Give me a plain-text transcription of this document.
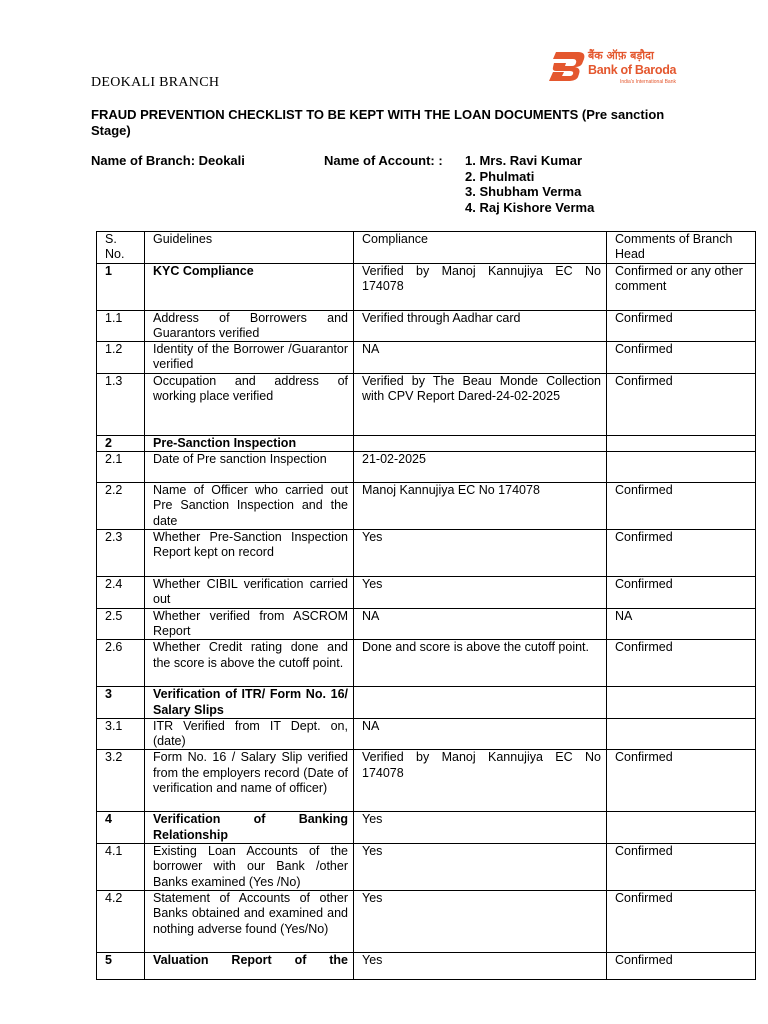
DEOKALI BRANCH
बैंक ऑफ़ बड़ौदा
Bank of Baroda
India's International Bank
FRAUD PREVENTION CHECKLIST TO BE KEPT WITH THE LOAN DOCUMENTS (Pre sanction Stage)
Name of Branch: Deokali	Name of Account: : 1. Mrs. Ravi Kumar
2. Phulmati
3. Shubham Verma
4. Raj Kishore Verma
S. No.	Guidelines	Compliance	Comments of Branch Head
1	KYC Compliance	Verified by Manoj Kannujiya EC No 174078	Confirmed or any other comment
1.1	Address of Borrowers and Guarantors verified	Verified through Aadhar card	Confirmed
1.2	Identity of the Borrower /Guarantor verified	NA	Confirmed
1.3	Occupation and address of working place verified	Verified by The Beau Monde Collection with CPV Report Dared-24-02-2025	Confirmed
2	Pre-Sanction Inspection		
2.1	Date of Pre sanction Inspection	21-02-2025	
2.2	Name of Officer who carried out Pre Sanction Inspection and the date	Manoj Kannujiya EC No 174078	Confirmed
2.3	Whether Pre-Sanction Inspection Report kept on record	Yes	Confirmed
2.4	Whether CIBIL verification carried out	Yes	Confirmed
2.5	Whether verified from ASCROM Report	NA	NA
2.6	Whether Credit rating done and the score is above the cutoff point.	Done and score is above the cutoff point.	Confirmed
3	Verification of ITR/ Form No. 16/ Salary Slips		
3.1	ITR Verified from IT Dept. on, (date)	NA	
3.2	Form No. 16 / Salary Slip verified from the employers record (Date of verification and name of officer)	Verified by Manoj Kannujiya EC No 174078	Confirmed
4	Verification of Banking Relationship	Yes	
4.1	Existing Loan Accounts of the borrower with our Bank /other Banks examined (Yes /No)	Yes	Confirmed
4.2	Statement of Accounts of other Banks obtained and examined and nothing adverse found (Yes/No)	Yes	Confirmed
5	Valuation Report of the	Yes	Confirmed
